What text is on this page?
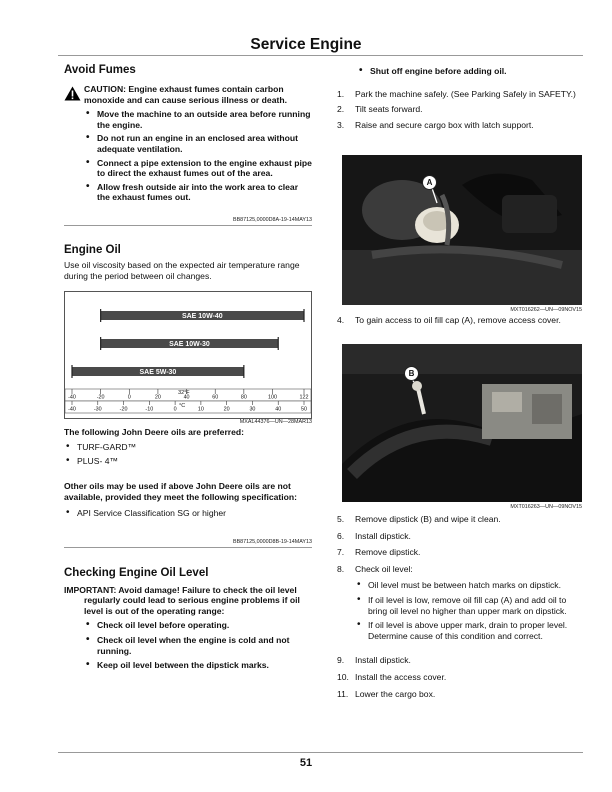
Service Engine
Avoid Fumes
CAUTION: Engine exhaust fumes contain carbon monoxide and can cause serious illness or death.
• Move the machine to an outside area before running the engine.
• Do not run an engine in an enclosed area without adequate ventilation.
• Connect a pipe extension to the engine exhaust pipe to direct the exhaust fumes out of the area.
• Allow fresh outside air into the work area to clear the exhaust fumes out.
BB87125,0000D8A-19-14MAY13
Engine Oil
Use oil viscosity based on the expected air temperature range during the period between oil changes.
SAE 10W-40
SAE 10W-30
SAE 5W-30
-40	-20	0	20	40	60	80	100	122
-40	-30	-20	-10	0	10	20	30	40	50
32°F
°C
MXAL44376—UN—28MAR13
The following John Deere oils are preferred:
• TURF-GARD™
• PLUS- 4™
Other oils may be used if above John Deere oils are not available, provided they meet the following specification:
• API Service Classification SG or higher
BB87125,0000D8B-19-14MAY13
Checking Engine Oil Level
IMPORTANT: Avoid damage! Failure to check the oil level regularly could lead to serious engine problems if oil level is out of the operating range:
• Check oil level before operating.
• Check oil level when the engine is cold and not running.
• Keep oil level between the dipstick marks.
• Shut off engine before adding oil.
1. Park the machine safely. (See Parking Safely in SAFETY.)
2. Tilt seats forward.
3. Raise and secure cargo box with latch support.
A
MXT016262—UN—09NOV15
4. To gain access to oil fill cap (A), remove access cover.
B
MXT016263—UN—09NOV15
5. Remove dipstick (B) and wipe it clean.
6. Install dipstick.
7. Remove dipstick.
8. Check oil level:
• Oil level must be between hatch marks on dipstick.
• If oil level is low, remove oil fill cap (A) and add oil to bring oil level no higher than upper mark on dipstick.
• If oil level is above upper mark, drain to proper level. Determine cause of this condition and correct.
9. Install dipstick.
10. Install the access cover.
11. Lower the cargo box.
51
